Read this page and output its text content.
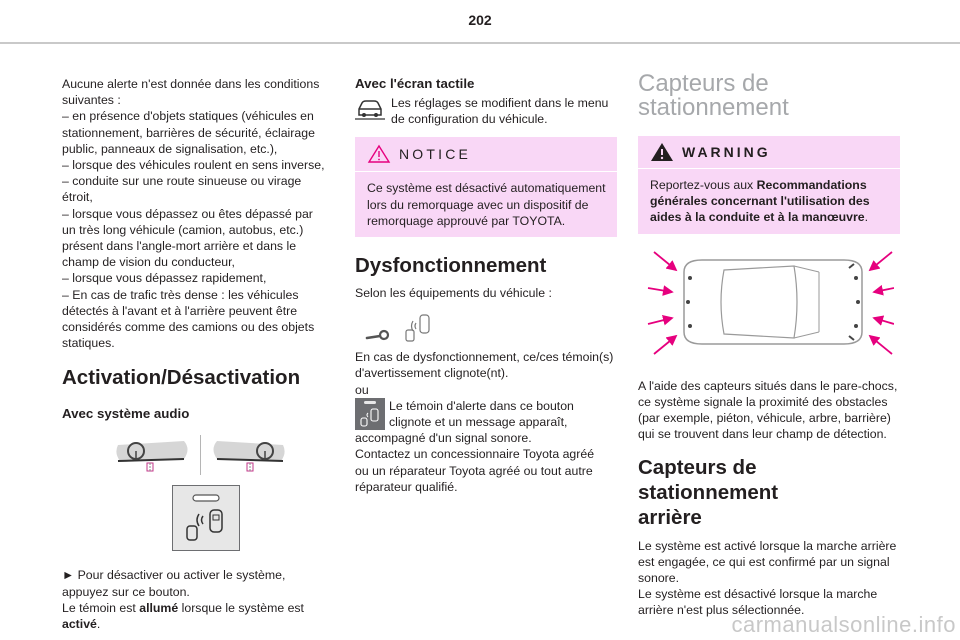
202
Aucune alerte n'est donnée dans les conditions
suivantes :
– en présence d'objets statiques (véhicules en
stationnement, barrières de sécurité, éclairage
public, panneaux de signalisation, etc.),
– lorsque des véhicules roulent en sens inverse,
– conduite sur une route sinueuse ou virage
étroit,
– lorsque vous dépassez ou êtes dépassé par
un très long véhicule (camion, autobus, etc.)
présent dans l'angle-mort arrière et dans le
champ de vision du conducteur,
– lorsque vous dépassez rapidement,
– En cas de trafic très dense : les véhicules
détectés à l'avant et à l'arrière peuvent être
considérés comme des camions ou des objets
statiques.
Activation/Désactivation
Avec système audio
► Pour désactiver ou activer le système,
appuyez sur ce bouton.
Le témoin est allumé lorsque le système est
activé.
Avec l'écran tactile
Les réglages se modifient dans le menu
de configuration du véhicule.
NOTICE
Ce système est désactivé automatiquement
lors du remorquage avec un dispositif de
remorquage approuvé par TOYOTA.
Dysfonctionnement
Selon les équipements du véhicule :
En cas de dysfonctionnement, ce/ces témoin(s)
d'avertissement clignote(nt).
ou
Le témoin d'alerte dans ce bouton
clignote et un message apparaît,
accompagné d'un signal sonore.
Contactez un concessionnaire Toyota agréé
ou un réparateur Toyota agréé ou tout autre
réparateur qualifié.
Capteurs de
stationnement
WARNING
Reportez-vous aux Recommandations
générales concernant l'utilisation des
aides à la conduite et à la manœuvre.
A l'aide des capteurs situés dans le pare-chocs,
ce système signale la proximité des obstacles
(par exemple, piéton, véhicule, arbre, barrière)
qui se trouvent dans leur champ de détection.
Capteurs de stationnement
arrière
Le système est activé lorsque la marche arrière
est engagée, ce qui est confirmé par un signal
sonore.
Le système est désactivé lorsque la marche
arrière n'est plus sélectionnée.
carmanualsonline.info
